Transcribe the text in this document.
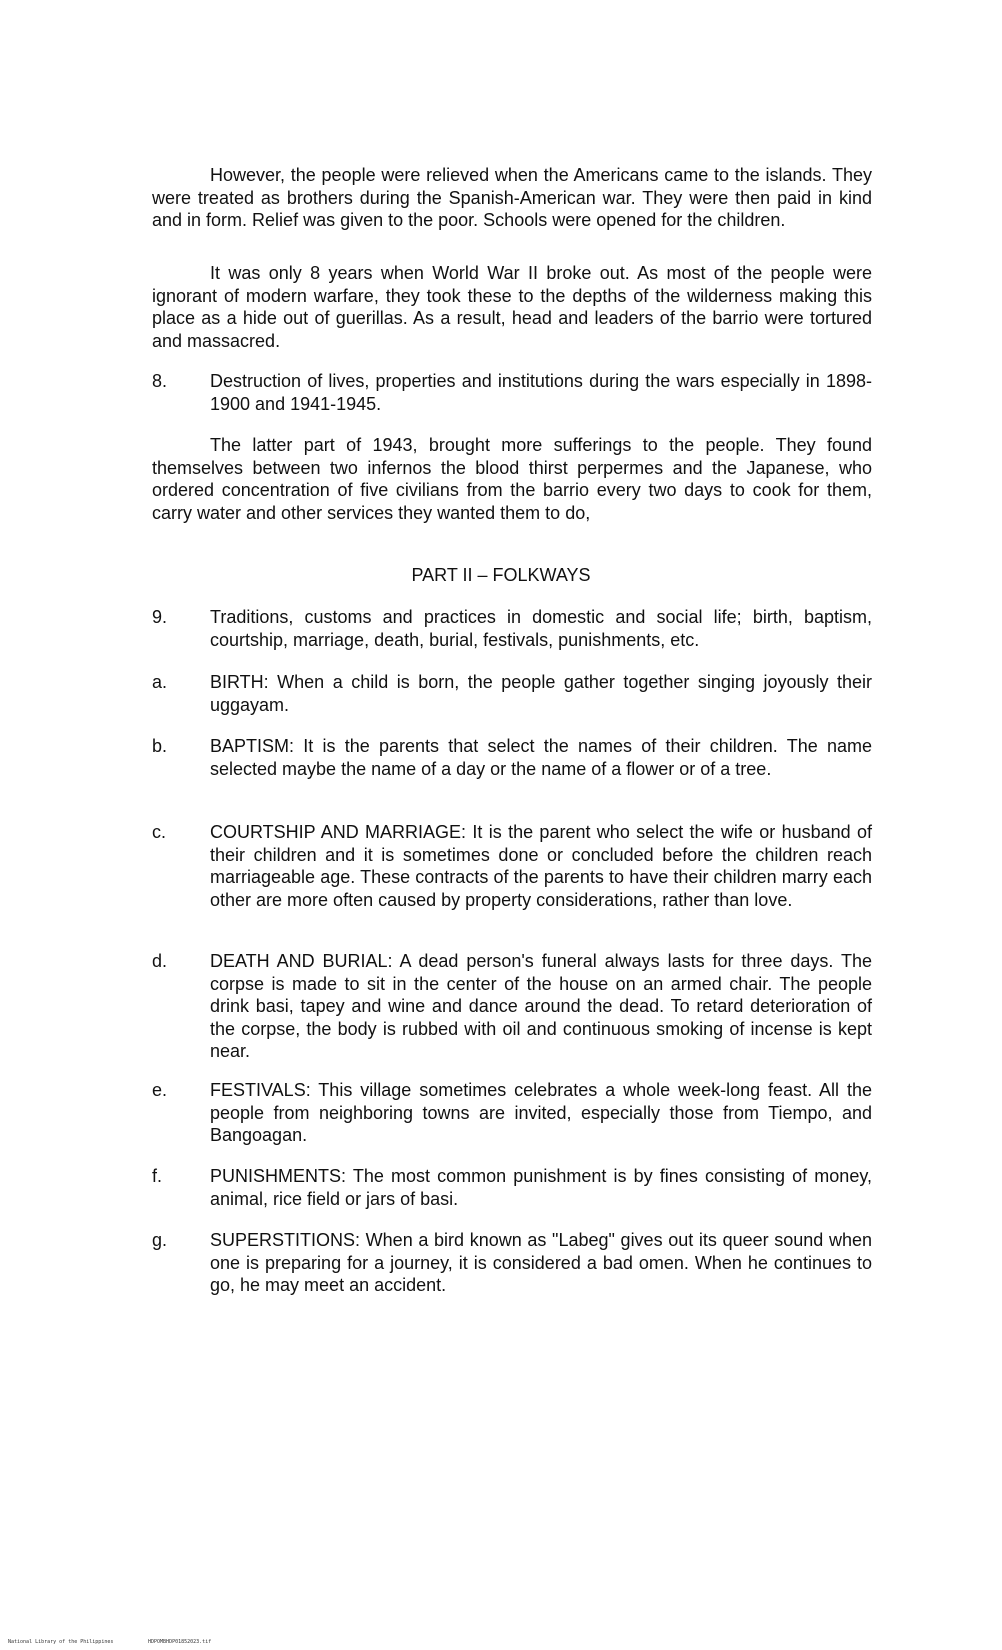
However, the people were relieved when the Americans came to the islands. They were treated as brothers during the Spanish-American war. They were then paid in kind and in form. Relief was given to the poor. Schools were opened for the children.
It was only 8 years when World War II broke out. As most of the people were ignorant of modern warfare, they took these to the depths of the wilderness making this place as a hide out of guerillas. As a result, head and leaders of the barrio were tortured and massacred.
8.	Destruction of lives, properties and institutions during the wars especially in 1898-1900 and 1941-1945.
The latter part of 1943, brought more sufferings to the people. They found themselves between two infernos the blood thirst perpermes and the Japanese, who ordered concentration of five civilians from the barrio every two days to cook for them, carry water and other services they wanted them to do,
PART II – FOLKWAYS
9.	Traditions, customs and practices in domestic and social life; birth, baptism, courtship, marriage, death, burial, festivals, punishments, etc.
a.	BIRTH: When a child is born, the people gather together singing joyously their uggayam.
b.	BAPTISM: It is the parents that select the names of their children. The name selected maybe the name of a day or the name of a flower or of a tree.
c.	COURTSHIP AND MARRIAGE: It is the parent who select the wife or husband of their children and it is sometimes done or concluded before the children reach marriageable age. These contracts of the parents to have their children marry each other are more often caused by property considerations, rather than love.
d.	DEATH AND BURIAL: A dead person's funeral always lasts for three days. The corpse is made to sit in the center of the house on an armed chair. The people drink basi, tapey and wine and dance around the dead. To retard deterioration of the corpse, the body is rubbed with oil and continuous smoking of incense is kept near.
e.	FESTIVALS: This village sometimes celebrates a whole week-long feast. All the people from neighboring towns are invited, especially those from Tiempo, and Bangoagan.
f.	PUNISHMENTS: The most common punishment is by fines consisting of money, animal, rice field or jars of basi.
g.	SUPERSTITIONS: When a bird known as "Labeg" gives out its queer sound when one is preparing for a journey, it is considered a bad omen. When he continues to go, he may meet an accident.
National Library of the Philippines	HDPOMBHDP01852023.tif
